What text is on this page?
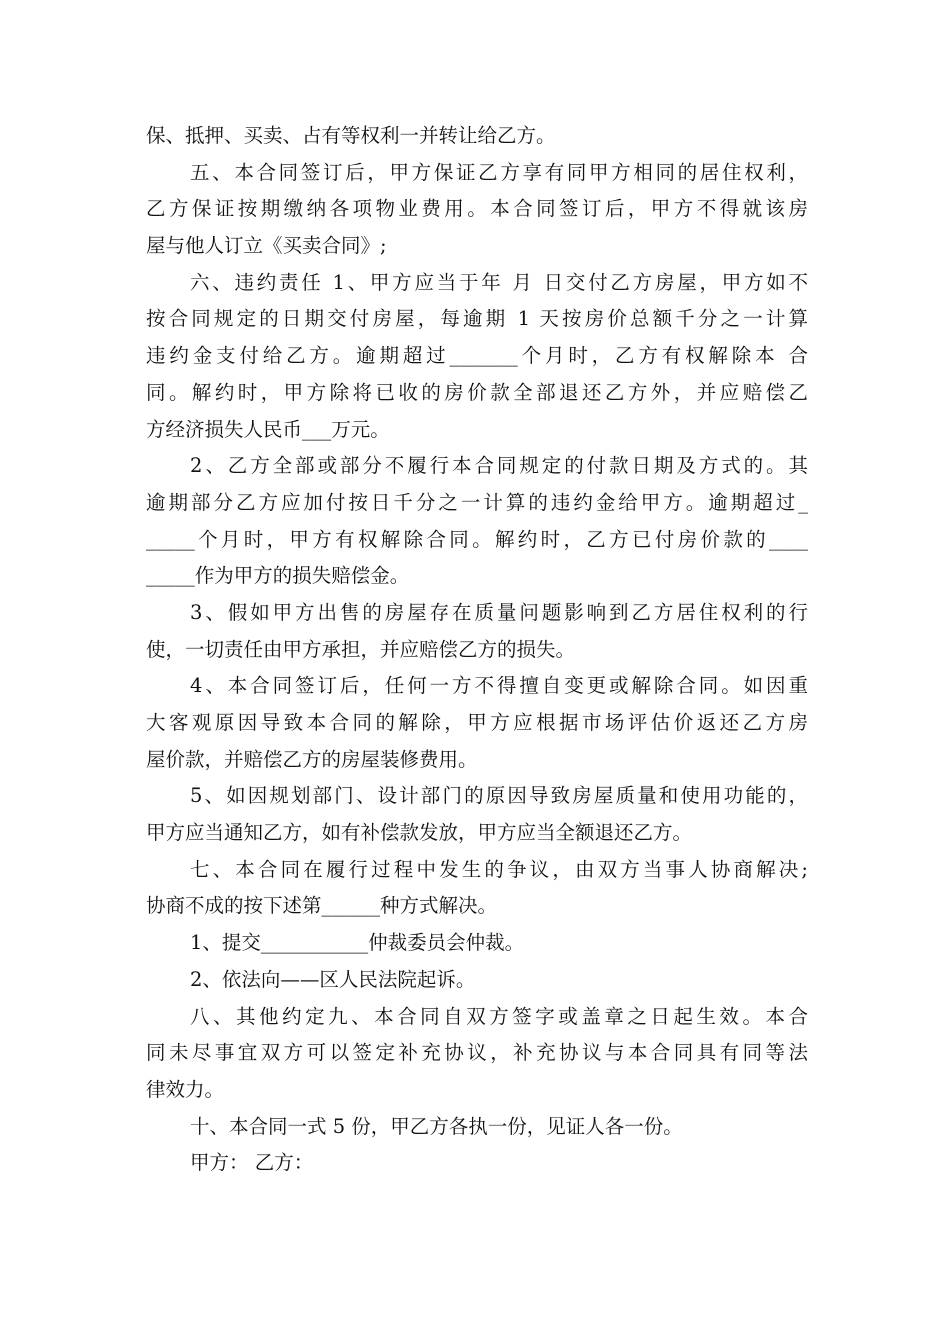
保、抵押、买卖、占有等权利一并转让给乙方。
五、本合同签订后，甲方保证乙方享有同甲方相同的居住权利，
乙方保证按期缴纳各项物业费用。本合同签订后，甲方不得就该房
屋与他人订立《买卖合同》;
六、违约责任 1、甲方应当于年 月 日交付乙方房屋，甲方如不
按合同规定的日期交付房屋，每逾期 1 天按房价总额千分之一计算
违约金支付给乙方。逾期超过_______个月时，乙方有权解除本 合
同。解约时，甲方除将已收的房价款全部退还乙方外，并应赔偿乙
方经济损失人民币___万元。
2、乙方全部或部分不履行本合同规定的付款日期及方式的。其
逾期部分乙方应加付按日千分之一计算的违约金给甲方。逾期超过_
_____个月时，甲方有权解除合同。解约时，乙方已付房价款的____
_____作为甲方的损失赔偿金。
3、假如甲方出售的房屋存在质量问题影响到乙方居住权利的行
使，一切责任由甲方承担，并应赔偿乙方的损失。
4、本合同签订后，任何一方不得擅自变更或解除合同。如因重
大客观原因导致本合同的解除，甲方应根据市场评估价返还乙方房
屋价款，并赔偿乙方的房屋装修费用。
5、如因规划部门、设计部门的原因导致房屋质量和使用功能的，
甲方应当通知乙方，如有补偿款发放，甲方应当全额退还乙方。
七、本合同在履行过程中发生的争议，由双方当事人协商解决;
协商不成的按下述第______种方式解决。
1、提交___________仲裁委员会仲裁。
2、依法向——区人民法院起诉。
八、其他约定九、本合同自双方签字或盖章之日起生效。本合
同未尽事宜双方可以签定补充协议，补充协议与本合同具有同等法
律效力。
十、本合同一式 5 份，甲乙方各执一份，见证人各一份。
甲方： 乙方：
